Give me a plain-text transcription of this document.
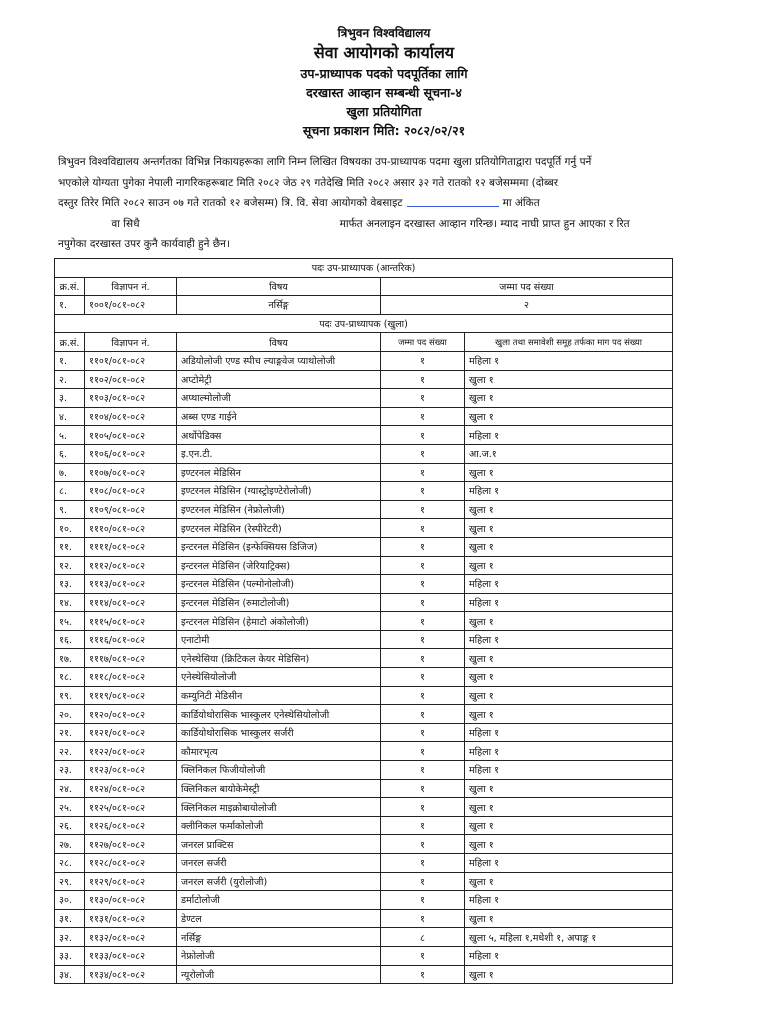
त्रिभुवन विश्वविद्यालय
सेवा आयोगको कार्यालय
उप-प्राध्यापक पदको पदपूर्तिका लागि
दरखास्त आव्हान सम्बन्धी सूचना-४
खुला प्रतियोगिता
सूचना प्रकाशन मिति: २०८२/०२/२१
त्रिभुवन विश्वविद्यालय अन्तर्गतका विभिन्न निकायहरूका लागि निम्न लिखित विषयका उप-प्राध्यापक पदमा खुला प्रतियोगिताद्वारा पदपूर्ति गर्नु पर्ने
भएकोले योग्यता पुगेका नेपाली नागरिकहरूबाट मिति २०८२ जेठ २९ गतेदेखि मिति २०८२ असार ३२ गते रातको १२ बजेसम्ममा (दोब्बर
दस्तुर तिरेर मिति २०८२ साउन ०७ गते रातको १२ बजेसम्म) त्रि. वि. सेवा आयोगको वेबसाइट	मा अंकित
वा सिधै	मार्फत अनलाइन दरखास्त आव्हान गरिन्छ। म्याद नाघी प्राप्त हुन आएका र रित
नपुगेका दरखास्त उपर कुनै कार्यवाही हुने छैन।
पदः उप-प्राध्यापक (आन्तरिक)				
क्र.सं.	विज्ञापन नं.	विषय	जम्मा पद संख्या	
१.	१००१/०८१-०८२	नर्सिङ्ग	२	
पदः उप-प्राध्यापक (खुला)				
क्र.सं.	विज्ञापन नं.	विषय	जम्मा पद संख्या	खुला तथा समावेशी समूह तर्फका माग पद संख्या
१.	११०१/०८१-०८२	अडियोलोजी एण्ड स्पीच ल्याङ्गवेज प्याथोलोजी	१	महिला १
२.	११०२/०८१-०८२	अप्टोमेट्री	१	खुला १
३.	११०३/०८१-०८२	अप्थाल्मोलोजी	१	खुला १
४.	११०४/०८१-०८२	अब्स एण्ड गाईने	१	खुला १
५.	११०५/०८१-०८२	अर्थोपेडिक्स	१	महिला १
६.	११०६/०८१-०८२	इ.एन.टी.	१	आ.ज.१
७.	११०७/०८१-०८२	इण्टरनल मेडिसिन	१	खुला १
८.	११०८/०८१-०८२	इण्टरनल मेडिसिन (ग्यास्ट्रोइण्टेरोलोजी)	१	महिला १
९.	११०९/०८१-०८२	इण्टरनल मेडिसिन (नेफ्रोलोजी)	१	खुला १
१०.	१११०/०८१-०८२	इण्टरनल मेडिसिन (रेस्पीरेटरी)	१	खुला १
११.	११११/०८१-०८२	इन्टरनल मेडिसिन (इन्फेक्सियस डिजिज)	१	खुला १
१२.	१११२/०८१-०८२	इन्टरनल मेडिसिन (जेरियाट्रिक्स)	१	खुला १
१३.	१११३/०८१-०८२	इन्टरनल मेडिसिन (पल्मोनोलोजी)	१	महिला १
१४.	१११४/०८१-०८२	इन्टरनल मेडिसिन (रुमाटोलोजी)	१	महिला १
१५.	१११५/०८१-०८२	इन्टरनल मेडिसिन (हेमाटो अंकोलोजी)	१	खुला १
१६.	१११६/०८१-०८२	एनाटोमी	१	महिला १
१७.	१११७/०८१-०८२	एनेस्थेसिया (क्रिटिकल केयर मेडिसिन)	१	खुला १
१८.	१११८/०८१-०८२	एनेस्थेसियोलोजी	१	खुला १
१९.	१११९/०८१-०८२	कम्युनिटी मेडिसीन	१	खुला १
२०.	११२०/०८१-०८२	कार्डियोथोरासिक भास्कुलर एनेस्थेसियोलोजी	१	खुला १
२१.	११२१/०८१-०८२	कार्डियोथोरासिक भास्कुलर सर्जरी	१	महिला १
२२.	११२२/०८१-०८२	कौमारभृत्य	१	महिला १
२३.	११२३/०८१-०८२	क्लिनिकल फिजीयोलोजी	१	महिला १
२४.	११२४/०८१-०८२	क्लिनिकल बायोकेमेस्ट्री	१	खुला १
२५.	११२५/०८१-०८२	क्लिनिकल माइक्रोबायोलोजी	१	खुला १
२६.	११२६/०८१-०८२	क्लीनिकल फर्माकोलोजी	१	खुला १
२७.	११२७/०८१-०८२	जनरल प्राक्टिस	१	खुला १
२८.	११२८/०८१-०८२	जनरल सर्जरी	१	महिला १
२९.	११२९/०८१-०८२	जनरल सर्जरी (युरोलोजी)	१	खुला १
३०.	११३०/०८१-०८२	डर्माटोलोजी	१	महिला १
३१.	११३१/०८१-०८२	डेण्टल	१	खुला १
३२.	११३२/०८१-०८२	नर्सिङ्ग	८	खुला ५, महिला १,मधेशी १, अपाङ्ग १
३३.	११३३/०८१-०८२	नेफ्रोलोजी	१	महिला १
३४.	११३४/०८१-०८२	न्यूरोलोजी	१	खुला १
